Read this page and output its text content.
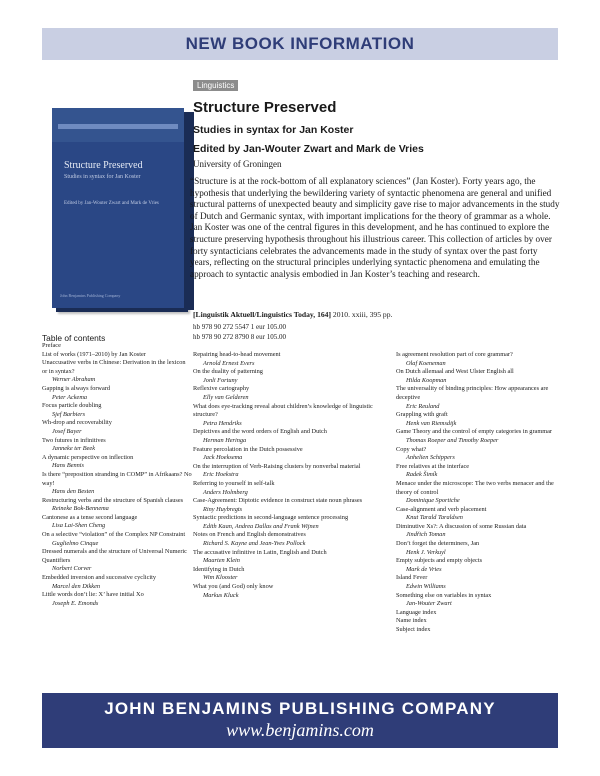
NEW BOOK INFORMATION
Structure Preserved
Studies in syntax for Jan Koster
Edited by Jan-Wouter Zwart and Mark de Vries
John Benjamins Publishing Company
Linguistics
Structure Preserved
Studies in syntax for Jan Koster
Edited by Jan-Wouter Zwart and Mark de Vries
University of Groningen
“Structure is at the rock-bottom of all explanatory sciences” (Jan Koster). Forty years ago, the hypothesis that underlying the bewildering variety of syntactic phenomena are general and unified structural patterns of unexpected beauty and simplicity gave rise to major advancements in the study of Dutch and Germanic syntax, with important implications for the theory of grammar as a whole. Jan Koster was one of the central figures in this development, and he has continued to explore the structure preserving hypothesis throughout his illustrious career. This collection of articles by over forty syntacticians celebrates the advancements made in the study of syntax over the past forty years, reflecting on the structural principles underlying syntactic phenomena and emulating the approach to syntactic analysis embodied in Jan Koster’s teaching and research.
[Linguistik Aktuell/Linguistics Today, 164] 2010. xxiii, 395 pp.
hb 978 90 272 5547 1 eur 105.00
hb 978 90 272 8790 8 eur 105.00
Table of contents
Preface
List of works (1971–2010) by Jan Koster
Unaccusative verbs in Chinese: Derivation in the lexicon or in syntax?
Werner Abraham
Gapping is always forward
Peter Ackema
Focus particle doubling
Sjef Barbiers
Wh-drop and recoverability
Josef Bayer
Two futures in infinitives
Janneke ter Beek
A dynamic perspective on inflection
Hans Bennis
Is there “preposition stranding in COMP” in Afrikaans? No way!
Hans den Besten
Restructuring verbs and the structure of Spanish clauses
Reineke Bok-Bennema
Cantonese as a tense second language
Lisa Lai-Shen Cheng
On a selective “violation” of the Complex NP Constraint
Guglielmo Cinque
Dressed numerals and the structure of Universal Numeric Quantifiers
Norbert Corver
Embedded inversion and successive cyclicity
Marcel den Dikken
Little words don’t lie: X’ have initial Xo
Joseph E. Emonds
Repairing head-to-head movement
Arnold Ernest Evers
On the duality of patterning
Jonli Fortuny
Reflexive cartography
Elly van Gelderen
What does eye-tracking reveal about children’s knowledge of linguistic structure?
Petra Hendriks
Depictives and the word orders of English and Dutch
Herman Heringa
Feature percolation in the Dutch possessive
Jack Hoeksema
On the interruption of Verb-Raising clusters by nonverbal material
Eric Hoekstra
Referring to yourself in self-talk
Anders Holmberg
Case-Agreement: Diptotic evidence in construct state noun phrases
Riny Huybregts
Syntactic predictions in second-language sentence processing
Edith Kaan, Andrea Dallas and Frank Wijnen
Notes on French and English demonstratives
Richard S. Kayne and Jean-Yves Pollock
The accusative infinitive in Latin, English and Dutch
Maarten Klein
Identifying in Dutch
Wim Klooster
What you (and God) only know
Markus Kluck
Is agreement resolution part of core grammar?
Olaf Koeneman
On Dutch allemaal and West Ulster English all
Hilda Koopman
The universality of binding principles: How appearances are deceptive
Eric Reuland
Grappling with graft
Henk van Riemsdijk
Game Theory and the control of empty categories in grammar
Thomas Roeper and Timothy Roeper
Copy what?
Anhelien Schippers
Free relatives at the interface
Radek Šimík
Menace under the microscope: The two verbs menacer and the theory of control
Dominique Sportiche
Case-alignment and verb placement
Knut Tarald Taraldsen
Diminutive Xs?: A discussion of some Russian data
Jindřich Toman
Don’t forget the determiners, Jan
Henk J. Verkuyl
Empty subjects and empty objects
Mark de Vries
Island Fever
Edwin Williams
Something else on variables in syntax
Jan-Wouter Zwart
Language index
Name index
Subject index
JOHN BENJAMINS PUBLISHING COMPANY
www.benjamins.com
